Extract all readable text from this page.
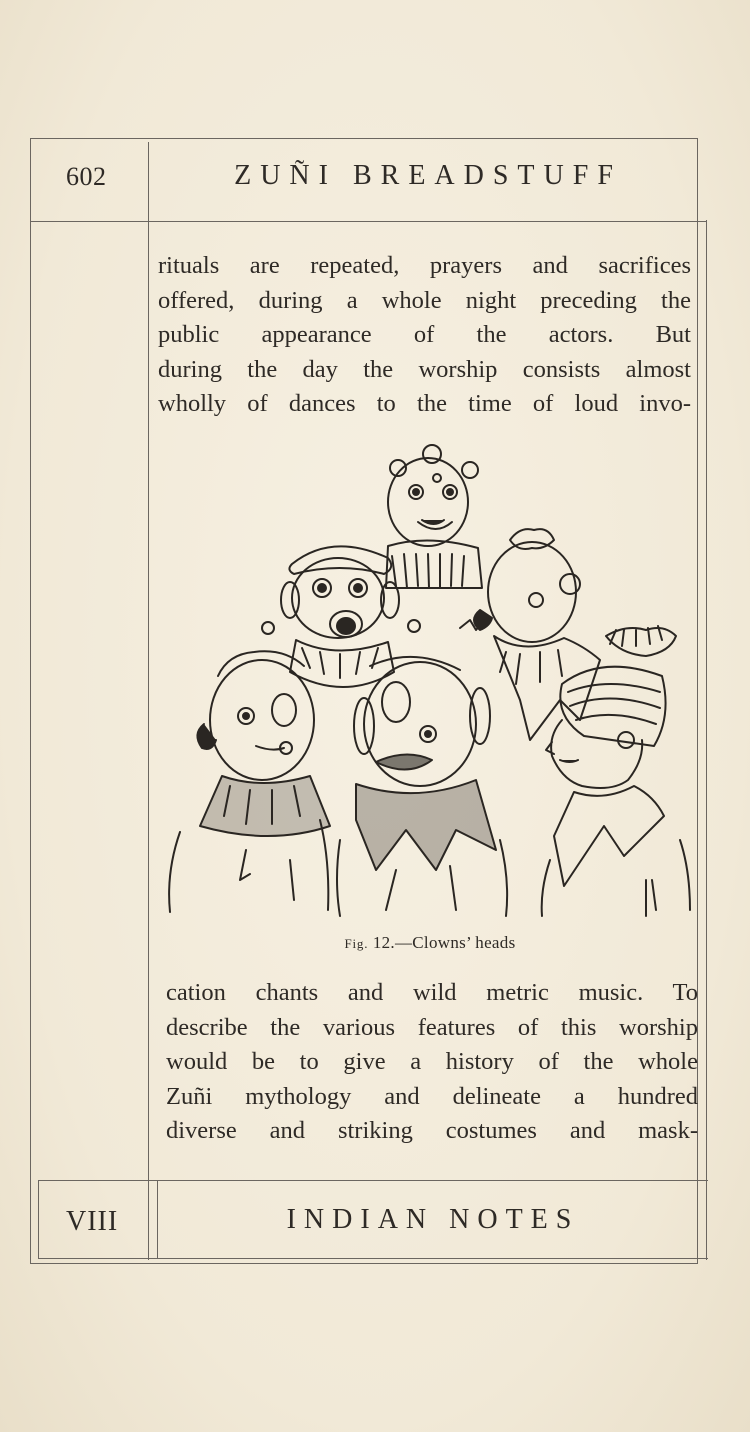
602	ZUÑI BREADSTUFF
rituals are repeated, prayers and sacrifices
offered, during a whole night preceding the
public appearance of the actors. But
during the day the worship consists almost
wholly of dances to the time of loud invo-
Fig. 12.—Clowns’ heads
cation chants and wild metric music. To
describe the various features of this worship
would be to give a history of the whole
Zuñi mythology and delineate a hundred
diverse and striking costumes and mask-
VIII	INDIAN NOTES
